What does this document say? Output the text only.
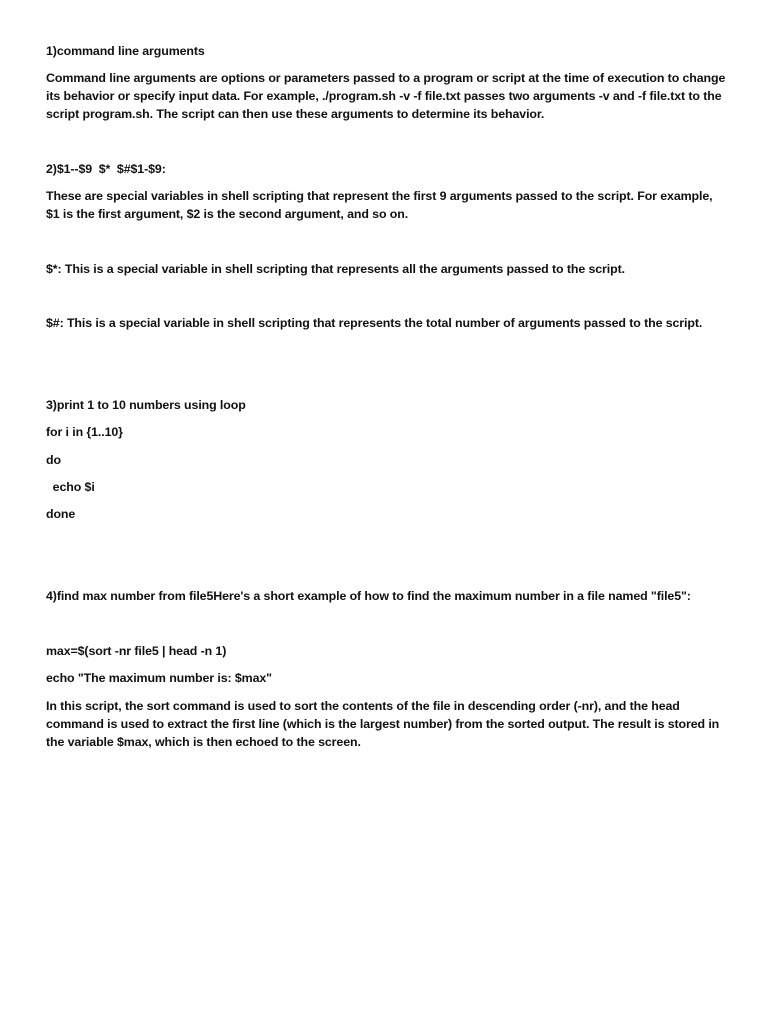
1)command line arguments
Command line arguments are options or parameters passed to a program or script at the time of execution to change its behavior or specify input data. For example, ./program.sh -v -f file.txt passes two arguments -v and -f file.txt to the script program.sh. The script can then use these arguments to determine its behavior.
2)$1--$9  $*  $#$1-$9:
These are special variables in shell scripting that represent the first 9 arguments passed to the script. For example, $1 is the first argument, $2 is the second argument, and so on.
$*: This is a special variable in shell scripting that represents all the arguments passed to the script.
$#: This is a special variable in shell scripting that represents the total number of arguments passed to the script.
3)print 1 to 10 numbers using loop
for i in {1..10}
do
echo $i
done
4)find max number from file5Here's a short example of how to find the maximum number in a file named "file5":
max=$(sort -nr file5 | head -n 1)
echo "The maximum number is: $max"
In this script, the sort command is used to sort the contents of the file in descending order (-nr), and the head command is used to extract the first line (which is the largest number) from the sorted output. The result is stored in the variable $max, which is then echoed to the screen.
